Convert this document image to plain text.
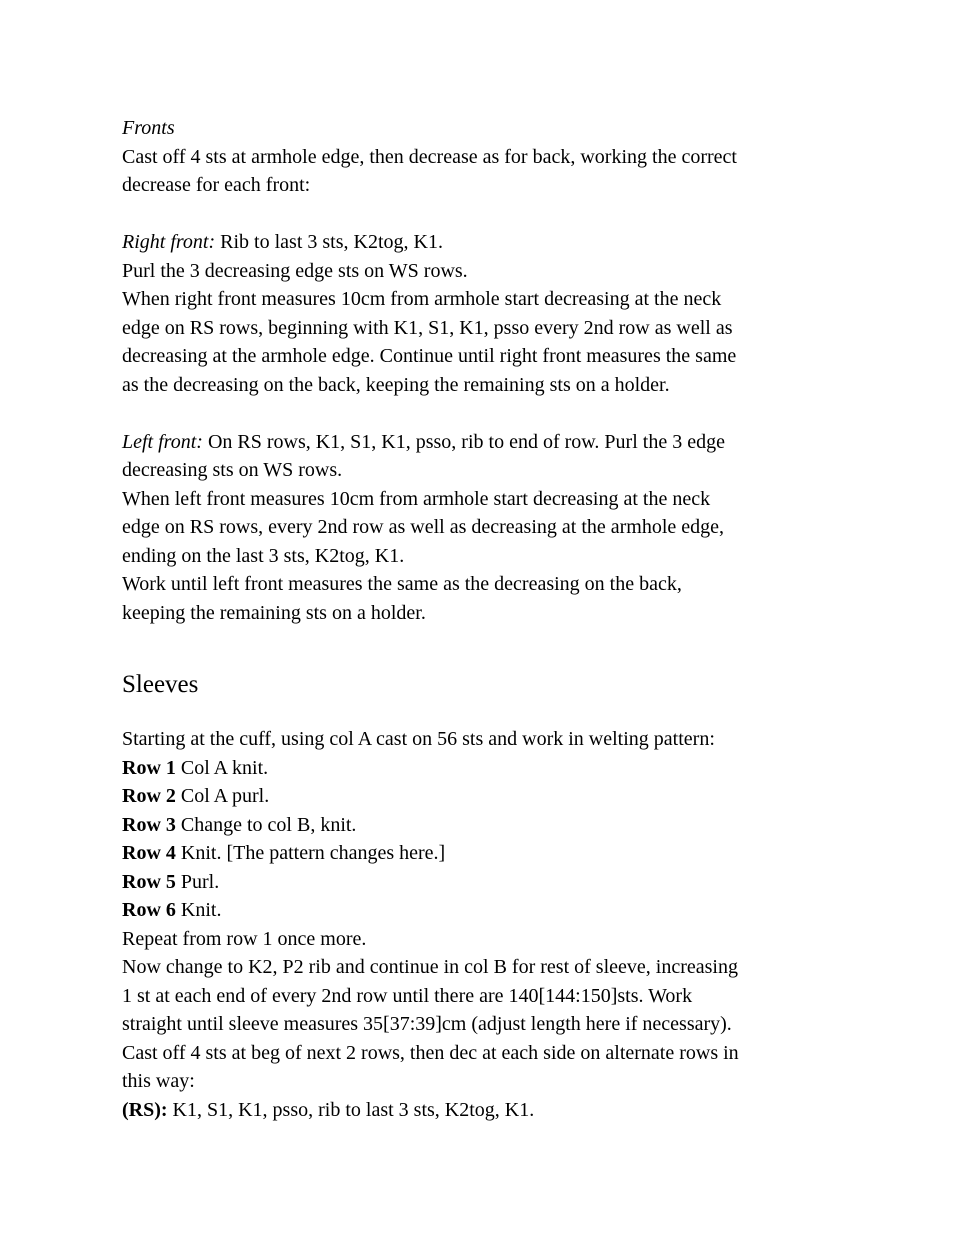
Fronts
Cast off 4 sts at armhole edge, then decrease as for back, working the correct
decrease for each front:

Right front: Rib to last 3 sts, K2tog, K1.
Purl the 3 decreasing edge sts on WS rows.
When right front measures 10cm from armhole start decreasing at the neck
edge on RS rows, beginning with K1, S1, K1, psso every 2nd row as well as
decreasing at the armhole edge. Continue until right front measures the same
as the decreasing on the back, keeping the remaining sts on a holder.

Left front: On RS rows, K1, S1, K1, psso, rib to end of row. Purl the 3 edge
decreasing sts on WS rows.
When left front measures 10cm from armhole start decreasing at the neck
edge on RS rows, every 2nd row as well as decreasing at the armhole edge,
ending on the last 3 sts, K2tog, K1.
Work until left front measures the same as the decreasing on the back,
keeping the remaining sts on a holder.

Sleeves

Starting at the cuff, using col A cast on 56 sts and work in welting pattern:
Row 1 Col A knit.
Row 2 Col A purl.
Row 3 Change to col B, knit.
Row 4 Knit. [The pattern changes here.]
Row 5 Purl.
Row 6 Knit.
Repeat from row 1 once more.
Now change to K2, P2 rib and continue in col B for rest of sleeve, increasing
1 st at each end of every 2nd row until there are 140[144:150]sts. Work
straight until sleeve measures 35[37:39]cm (adjust length here if necessary).
Cast off 4 sts at beg of next 2 rows, then dec at each side on alternate rows in
this way:
(RS): K1, S1, K1, psso, rib to last 3 sts, K2tog, K1.
